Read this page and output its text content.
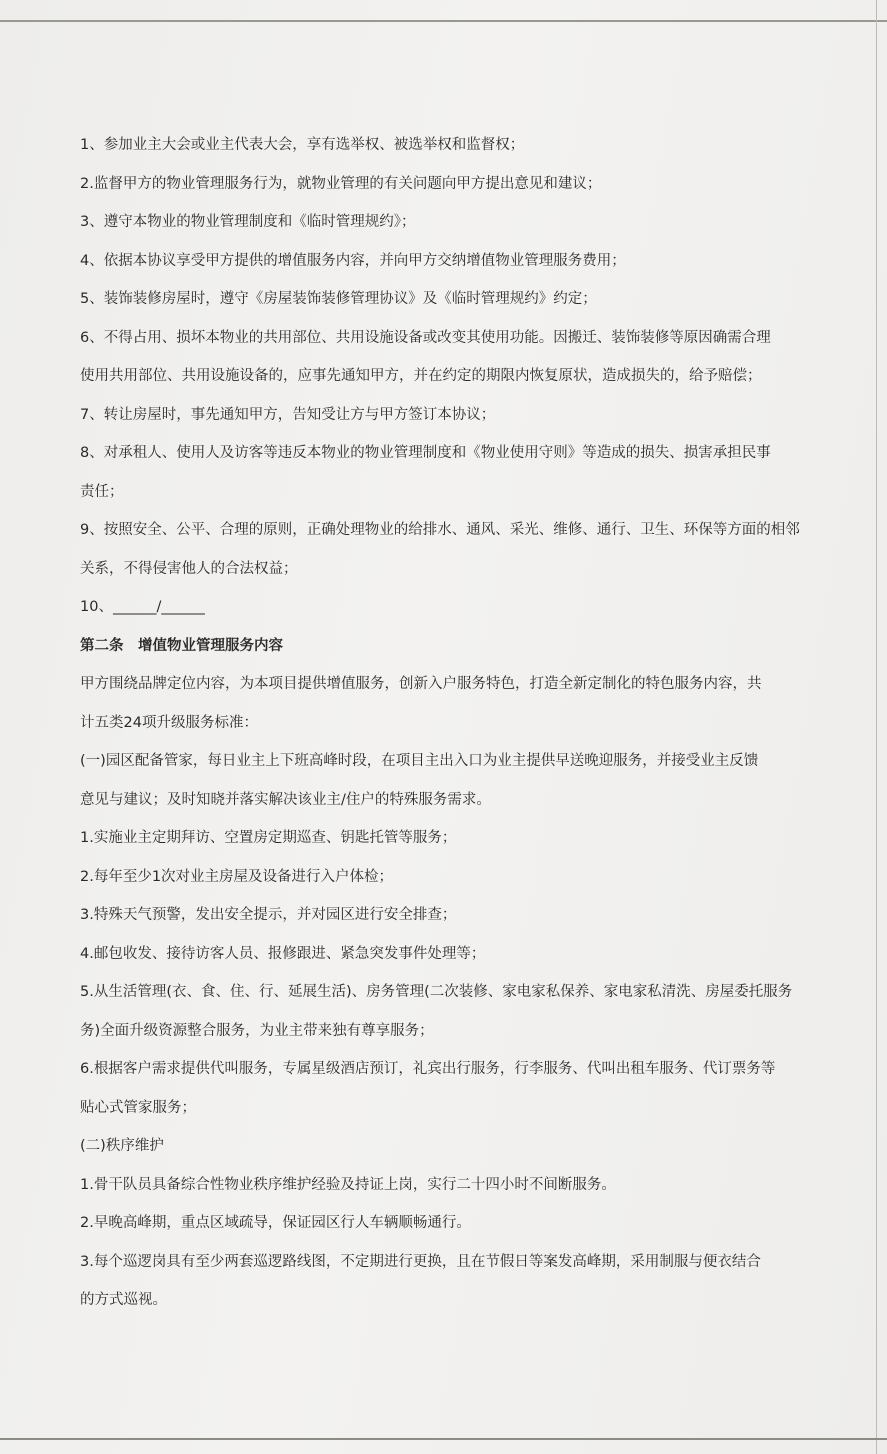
1、参加业主大会或业主代表大会，享有选举权、被选举权和监督权；

2.监督甲方的物业管理服务行为，就物业管理的有关问题向甲方提出意见和建议；

3、遵守本物业的物业管理制度和《临时管理规约》；

4、依据本协议享受甲方提供的增值服务内容，并向甲方交纳增值物业管理服务费用；

5、装饰装修房屋时，遵守《房屋装饰装修管理协议》及《临时管理规约》约定；

6、不得占用、损坏本物业的共用部位、共用设施设备或改变其使用功能。因搬迁、装饰装修等原因确需合理

使用共用部位、共用设施设备的，应事先通知甲方，并在约定的期限内恢复原状，造成损失的，给予赔偿；

7、转让房屋时，事先通知甲方，告知受让方与甲方签订本协议；

8、对承租人、使用人及访客等违反本物业的物业管理制度和《物业使用守则》等造成的损失、损害承担民事

责任；

9、按照安全、公平、合理的原则，正确处理物业的给排水、通风、采光、维修、通行、卫生、环保等方面的相邻

关系，不得侵害他人的合法权益；

10、______/______

第二条　增值物业管理服务内容

甲方围绕品牌定位内容，为本项目提供增值服务，创新入户服务特色，打造全新定制化的特色服务内容，共

计五类24项升级服务标准：

(一)园区配备管家，每日业主上下班高峰时段，在项目主出入口为业主提供早送晚迎服务，并接受业主反馈

意见与建议；及时知晓并落实解决该业主/住户的特殊服务需求。

1.实施业主定期拜访、空置房定期巡查、钥匙托管等服务；

2.每年至少1次对业主房屋及设备进行入户体检；

3.特殊天气预警，发出安全提示，并对园区进行安全排查；

4.邮包收发、接待访客人员、报修跟进、紧急突发事件处理等；

5.从生活管理(衣、食、住、行、延展生活)、房务管理(二次装修、家电家私保养、家电家私清洗、房屋委托服务

务)全面升级资源整合服务，为业主带来独有尊享服务；

6.根据客户需求提供代叫服务，专属星级酒店预订，礼宾出行服务，行李服务、代叫出租车服务、代订票务等

贴心式管家服务；

(二)秩序维护

1.骨干队员具备综合性物业秩序维护经验及持证上岗，实行二十四小时不间断服务。

2.早晚高峰期，重点区域疏导，保证园区行人车辆顺畅通行。

3.每个巡逻岗具有至少两套巡逻路线图，不定期进行更换，且在节假日等案发高峰期，采用制服与便衣结合

的方式巡视。
